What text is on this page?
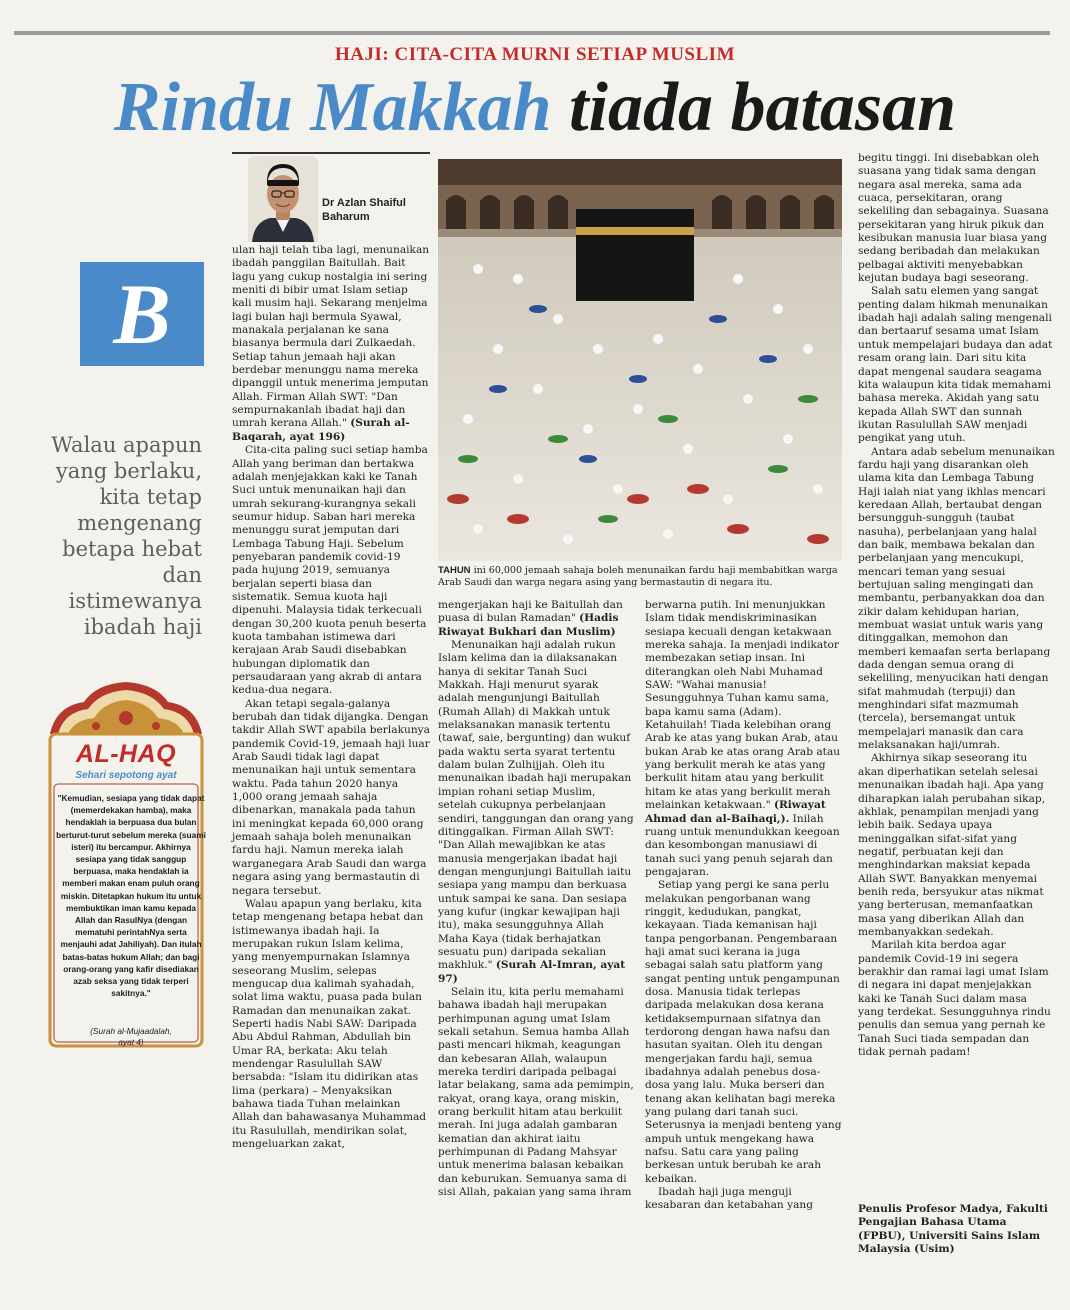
HAJI: CITA-CITA MURNI SETIAP MUSLIM
Rindu Makkah tiada batasan
Dr Azlan Shaiful
Baharum
B
Walau apapun yang berlaku, kita tetap mengenang betapa hebat dan istimewanya ibadah haji
AL-HAQ
Sehari sepotong ayat
"Kemudian, sesiapa yang tidak dapat (memerdekakan hamba), maka hendaklah ia berpuasa dua bulan berturut-turut sebelum mereka (suami isteri) itu bercampur. Akhirnya sesiapa yang tidak sanggup berpuasa, maka hendaklah ia memberi makan enam puluh orang miskin. Ditetapkan hukum itu untuk membuktikan iman kamu kepada Allah dan RasulNya (dengan mematuhi perintahNya serta menjauhi adat Jahiliyah). Dan itulah batas-batas hukum Allah; dan bagi orang-orang yang kafir disediakan azab seksa yang tidak terperi sakitnya."
(Surah al-Mujaadalah,
ayat 4)

ulan haji telah tiba lagi, menunaikan ibadah panggilan Baitullah. Bait lagu yang cukup nostalgia ini sering meniti di bibir umat Islam setiap kali musim haji. Sekarang menjelma lagi bulan haji bermula Syawal, manakala perjalanan ke sana biasanya bermula dari Zulkaedah. Setiap tahun jemaah haji akan berdebar menunggu nama mereka dipanggil untuk menerima jemputan Allah. Firman Allah SWT: "Dan sempurnakanlah ibadat haji dan umrah kerana Allah." (Surah al-Baqarah, ayat 196)

Cita-cita paling suci setiap hamba Allah yang beriman dan bertakwa adalah menjejakkan kaki ke Tanah Suci untuk menunaikan haji dan umrah sekurang-kurangnya sekali seumur hidup. Saban hari mereka menunggu surat jemputan dari Lembaga Tabung Haji. Sebelum penyebaran pandemik covid-19 pada hujung 2019, semuanya berjalan seperti biasa dan sistematik. Semua kuota haji dipenuhi. Malaysia tidak terkecuali dengan 30,200 kuota penuh beserta kuota tambahan istimewa dari kerajaan Arab Saudi disebabkan hubungan diplomatik dan persaudaraan yang akrab di antara kedua-dua negara.

Akan tetapi segala-galanya berubah dan tidak dijangka. Dengan takdir Allah SWT apabila berlakunya pandemik Covid-19, jemaah haji luar Arab Saudi tidak lagi dapat menunaikan haji untuk sementara waktu. Pada tahun 2020 hanya 1,000 orang jemaah sahaja dibenarkan, manakala pada tahun ini meningkat kepada 60,000 orang jemaah sahaja boleh menunaikan fardu haji. Namun mereka ialah warganegara Arab Saudi dan warga negara asing yang bermastautin di negara tersebut.

Walau apapun yang berlaku, kita tetap mengenang betapa hebat dan istimewanya ibadah haji. Ia merupakan rukun Islam kelima, yang menyempurnakan Islamnya seseorang Muslim, selepas mengucap dua kalimah syahadah, solat lima waktu, puasa pada bulan Ramadan dan menunaikan zakat. Seperti hadis Nabi SAW: Daripada Abu Abdul Rahman, Abdullah bin Umar RA, berkata: Aku telah mendengar Rasulullah SAW bersabda: "Islam itu didirikan atas lima (perkara) – Menyaksikan bahawa tiada Tuhan melainkan Allah dan bahawasanya Muhammad itu Rasulullah, mendirikan solat, mengeluarkan zakat,

TAHUN ini 60,000 jemaah sahaja boleh menunaikan fardu haji membabitkan warga Arab Saudi dan warga negara asing yang bermastautin di negara itu.

mengerjakan haji ke Baitullah dan puasa di bulan Ramadan" (Hadis Riwayat Bukhari dan Muslim)

Menunaikan haji adalah rukun Islam kelima dan ia dilaksanakan hanya di sekitar Tanah Suci Makkah. Haji menurut syarak adalah mengunjungi Baitullah (Rumah Allah) di Makkah untuk melaksanakan manasik tertentu (tawaf, saie, bergunting) dan wukuf pada waktu serta syarat tertentu dalam bulan Zulhijjah. Oleh itu menunaikan ibadah haji merupakan impian rohani setiap Muslim, setelah cukupnya perbelanjaan sendiri, tanggungan dan orang yang ditinggalkan. Firman Allah SWT: "Dan Allah mewajibkan ke atas manusia mengerjakan ibadat haji dengan mengunjungi Baitullah iaitu sesiapa yang mampu dan berkuasa untuk sampai ke sana. Dan sesiapa yang kufur (ingkar kewajipan haji itu), maka sesungguhnya Allah Maha Kaya (tidak berhajatkan sesuatu pun) daripada sekalian makhluk." (Surah Al-Imran, ayat 97)

Selain itu, kita perlu memahami bahawa ibadah haji merupakan perhimpunan agung umat Islam sekali setahun. Semua hamba Allah pasti mencari hikmah, keagungan dan kebesaran Allah, walaupun mereka terdiri daripada pelbagai latar belakang, sama ada pemimpin, rakyat, orang kaya, orang miskin, orang berkulit hitam atau berkulit merah. Ini juga adalah gambaran kematian dan akhirat iaitu perhimpunan di Padang Mahsyar untuk menerima balasan kebaikan dan keburukan. Semuanya sama di sisi Allah, pakaian yang sama ihram

berwarna putih. Ini menunjukkan Islam tidak mendiskriminasikan sesiapa kecuali dengan ketakwaan mereka sahaja. Ia menjadi indikator membezakan setiap insan. Ini diterangkan oleh Nabi Muhamad SAW: "Wahai manusia! Sesungguhnya Tuhan kamu sama, bapa kamu sama (Adam). Ketahuilah! Tiada kelebihan orang Arab ke atas yang bukan Arab, atau bukan Arab ke atas orang Arab atau yang berkulit merah ke atas yang berkulit hitam atau yang berkulit hitam ke atas yang berkulit merah melainkan ketakwaan." (Riwayat Ahmad dan al-Baihaqi,). Inilah ruang untuk menundukkan keegoan dan kesombongan manusiawi di tanah suci yang penuh sejarah dan pengajaran.

Setiap yang pergi ke sana perlu melakukan pengorbanan wang ringgit, kedudukan, pangkat, kekayaan. Tiada kemanisan haji tanpa pengorbanan. Pengembaraan haji amat suci kerana ia juga sebagai salah satu platform yang sangat penting untuk pengampunan dosa. Manusia tidak terlepas daripada melakukan dosa kerana ketidaksempurnaan sifatnya dan terdorong dengan hawa nafsu dan hasutan syaitan. Oleh itu dengan mengerjakan fardu haji, semua ibadahnya adalah penebus dosa-dosa yang lalu. Muka berseri dan tenang akan kelihatan bagi mereka yang pulang dari tanah suci. Seterusnya ia menjadi benteng yang ampuh untuk mengekang hawa nafsu. Satu cara yang paling berkesan untuk berubah ke arah kebaikan.

Ibadah haji juga menguji kesabaran dan ketabahan yang

begitu tinggi. Ini disebabkan oleh suasana yang tidak sama dengan negara asal mereka, sama ada cuaca, persekitaran, orang sekeliling dan sebagainya. Suasana persekitaran yang hiruk pikuk dan kesibukan manusia luar biasa yang sedang beribadah dan melakukan pelbagai aktiviti menyebabkan kejutan budaya bagi seseorang.

Salah satu elemen yang sangat penting dalam hikmah menunaikan ibadah haji adalah saling mengenali dan bertaaruf sesama umat Islam untuk mempelajari budaya dan adat resam orang lain. Dari situ kita dapat mengenal saudara seagama kita walaupun kita tidak memahami bahasa mereka. Akidah yang satu kepada Allah SWT dan sunnah ikutan Rasulullah SAW menjadi pengikat yang utuh.

Antara adab sebelum menunaikan fardu haji yang disarankan oleh ulama kita dan Lembaga Tabung Haji ialah niat yang ikhlas mencari keredaan Allah, bertaubat dengan bersungguh-sungguh (taubat nasuha), perbelanjaan yang halal dan baik, membawa bekalan dan perbelanjaan yang mencukupi, mencari teman yang sesuai bertujuan saling mengingati dan membantu, perbanyakkan doa dan zikir dalam kehidupan harian, membuat wasiat untuk waris yang ditinggalkan, memohon dan memberi kemaafan serta berlapang dada dengan semua orang di sekeliling, menyucikan hati dengan sifat mahmudah (terpuji) dan menghindari sifat mazmumah (tercela), bersemangat untuk mempelajari manasik dan cara melaksanakan haji/umrah.

Akhirnya sikap seseorang itu akan diperhatikan setelah selesai menunaikan ibadah haji. Apa yang diharapkan ialah perubahan sikap, akhlak, penampilan menjadi yang lebih baik. Sedaya upaya meninggalkan sifat-sifat yang negatif, perbuatan keji dan menghindarkan maksiat kepada Allah SWT. Banyakkan menyemai benih reda, bersyukur atas nikmat yang berterusan, memanfaatkan masa yang diberikan Allah dan membanyakkan sedekah.

Marilah kita berdoa agar pandemik Covid-19 ini segera berakhir dan ramai lagi umat Islam di negara ini dapat menjejakkan kaki ke Tanah Suci dalam masa yang terdekat. Sesungguhnya rindu penulis dan semua yang pernah ke Tanah Suci tiada sempadan dan tidak pernah padam!

Penulis Profesor Madya, Fakulti Pengajian Bahasa Utama (FPBU), Universiti Sains Islam Malaysia (Usim)
